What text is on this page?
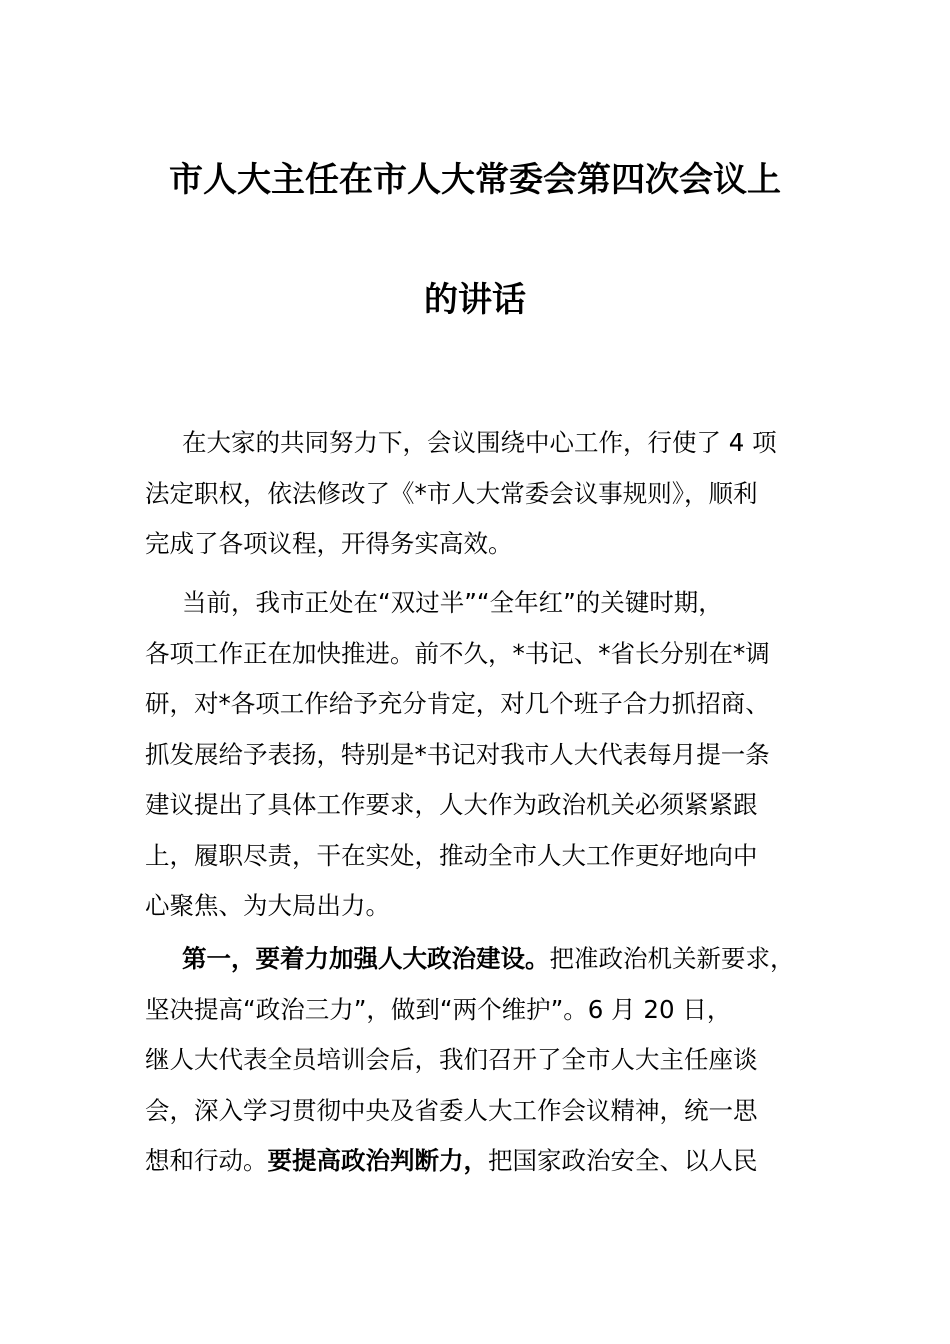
市人大主任在市人大常委会第四次会议上
的讲话
在大家的共同努力下，会议围绕中心工作，行使了 4 项
法定职权，依法修改了《*市人大常委会议事规则》，顺利
完成了各项议程，开得务实高效。
当前，我市正处在“双过半”“全年红”的关键时期，
各项工作正在加快推进。前不久，*书记、*省长分别在*调
研，对*各项工作给予充分肯定，对几个班子合力抓招商、
抓发展给予表扬，特别是*书记对我市人大代表每月提一条
建议提出了具体工作要求，人大作为政治机关必须紧紧跟
上，履职尽责，干在实处，推动全市人大工作更好地向中
心聚焦、为大局出力。
第一，要着力加强人大政治建设。把准政治机关新要求，
坚决提高“政治三力”，做到“两个维护”。6 月 20 日，
继人大代表全员培训会后，我们召开了全市人大主任座谈
会，深入学习贯彻中央及省委人大工作会议精神，统一思
想和行动。要提高政治判断力，把国家政治安全、以人民
